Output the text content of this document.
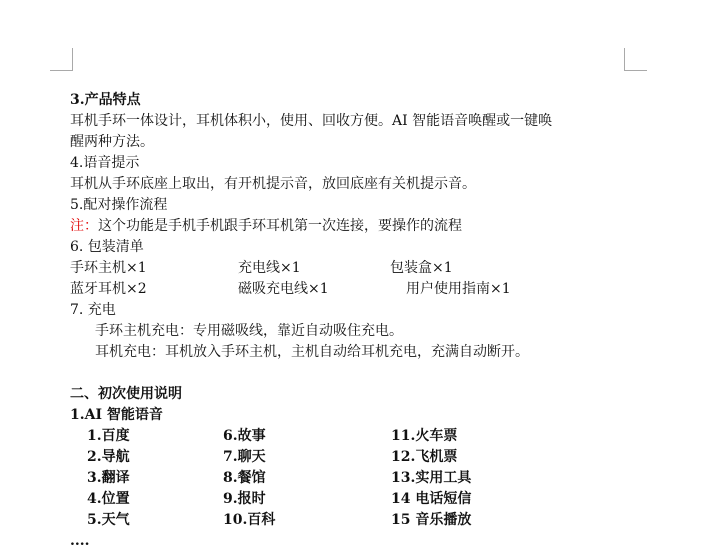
3.产品特点
耳机手环一体设计，耳机体积小，使用、回收方便。AI 智能语音唤醒或一键唤
醒两种方法。
4.语音提示
耳机从手环底座上取出，有开机提示音，放回底座有关机提示音。
5.配对操作流程
注：这个功能是手机手机跟手环耳机第一次连接，要操作的流程
6. 包装清单
手环主机×1	充电线×1	包装盒×1
蓝牙耳机×2	磁吸充电线×1	用户使用指南×1
7. 充电
手环主机充电：专用磁吸线，靠近自动吸住充电。
耳机充电：耳机放入手环主机，主机自动给耳机充电，充满自动断开。
二、初次使用说明
1.AI 智能语音
1.百度	6.故事	11.火车票
2.导航	7.聊天	12.飞机票
3.翻译	8.餐馆	13.实用工具
4.位置	9.报时	14 电话短信
5.天气	10.百科	15 音乐播放
....
